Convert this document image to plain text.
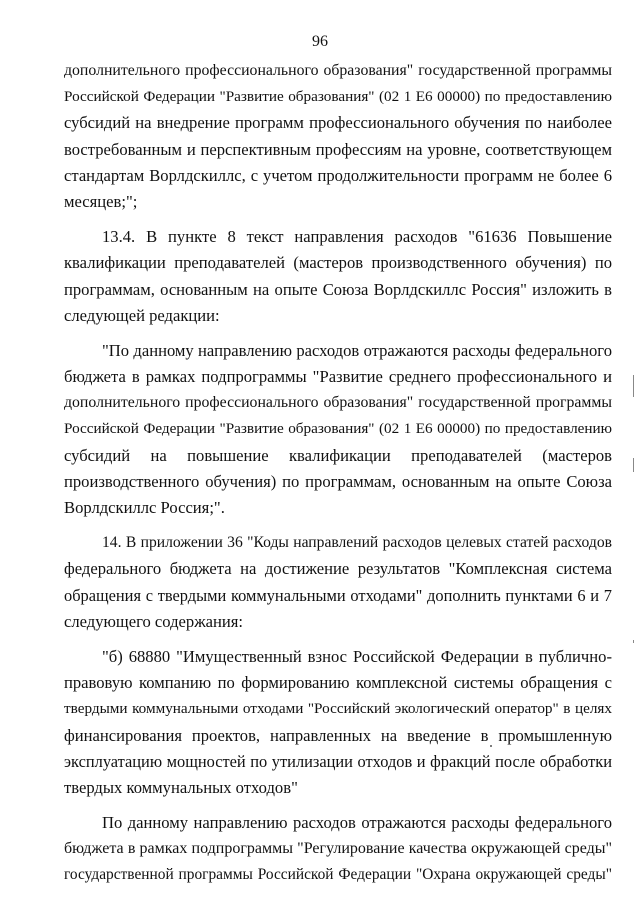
96

дополнительного профессионального образования" государственной программы
Российской Федерации "Развитие образования" (02 1 Е6 00000) по предоставлению
субсидий на внедрение программ профессионального обучения по наиболее
востребованным и перспективным профессиям на уровне, соответствующем
стандартам Ворлдскиллс, с учетом продолжительности программ не более 6
месяцев;";

13.4. В пункте 8 текст направления расходов "61636 Повышение
квалификации преподавателей (мастеров производственного обучения) по
программам, основанным на опыте Союза Ворлдскиллс Россия" изложить в
следующей редакции:

"По данному направлению расходов отражаются расходы федерального
бюджета в рамках подпрограммы "Развитие среднего профессионального и
дополнительного профессионального образования" государственной программы
Российской Федерации "Развитие образования" (02 1 Е6 00000) по предоставлению
субсидий на повышение квалификации преподавателей (мастеров
производственного обучения) по программам, основанным на опыте Союза
Ворлдскиллс Россия;".

14. В приложении 36 "Коды направлений расходов целевых статей расходов
федерального бюджета на достижение результатов "Комплексная система
обращения с твердыми коммунальными отходами" дополнить пунктами 6 и 7
следующего содержания:

"б) 68880 "Имущественный взнос Российской Федерации в публично-
правовую компанию по формированию комплексной системы обращения с
твердыми коммунальными отходами "Российский экологический оператор" в целях
финансирования проектов, направленных на введение в промышленную
эксплуатацию мощностей по утилизации отходов и фракций после обработки
твердых коммунальных отходов"

По данному направлению расходов отражаются расходы федерального
бюджета в рамках подпрограммы "Регулирование качества окружающей среды"
государственной программы Российской Федерации "Охрана окружающей среды"
